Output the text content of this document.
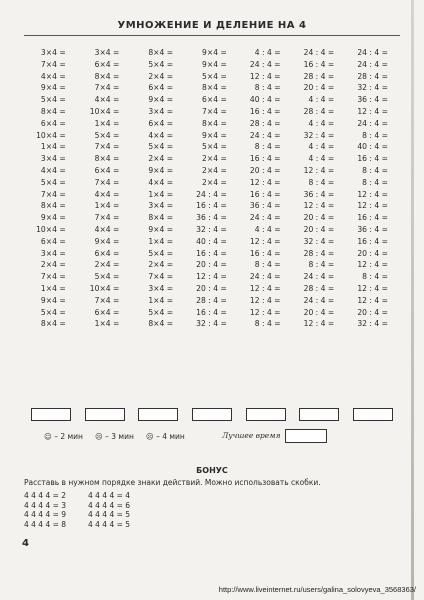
УМНОЖЕНИЕ И ДЕЛЕНИЕ НА 4
3×4 =
7×4 =
4×4 =
9×4 =
5×4 =
8×4 =
6×4 =
10×4 =
1×4 =
3×4 =
4×4 =
5×4 =
7×4 =
8×4 =
9×4 =
10×4 =
6×4 =
3×4 =
2×4 =
7×4 =
1×4 =
9×4 =
5×4 =
8×4 =
3×4 =
6×4 =
8×4 =
7×4 =
4×4 =
10×4 =
1×4 =
5×4 =
7×4 =
8×4 =
6×4 =
7×4 =
4×4 =
1×4 =
7×4 =
4×4 =
9×4 =
6×4 =
2×4 =
5×4 =
10×4 =
7×4 =
6×4 =
1×4 =
8×4 =
5×4 =
2×4 =
6×4 =
9×4 =
3×4 =
6×4 =
4×4 =
5×4 =
2×4 =
9×4 =
4×4 =
1×4 =
3×4 =
8×4 =
9×4 =
1×4 =
5×4 =
2×4 =
7×4 =
3×4 =
1×4 =
5×4 =
8×4 =
9×4 =
9×4 =
5×4 =
8×4 =
6×4 =
7×4 =
8×4 =
9×4 =
5×4 =
2×4 =
2×4 =
2×4 =
24 : 4 =
16 : 4 =
36 : 4 =
32 : 4 =
40 : 4 =
16 : 4 =
20 : 4 =
12 : 4 =
20 : 4 =
28 : 4 =
16 : 4 =
32 : 4 =
4 : 4 =
24 : 4 =
12 : 4 =
8 : 4 =
40 : 4 =
16 : 4 =
28 : 4 =
24 : 4 =
8 : 4 =
16 : 4 =
20 : 4 =
12 : 4 =
16 : 4 =
36 : 4 =
24 : 4 =
4 : 4 =
12 : 4 =
16 : 4 =
8 : 4 =
24 : 4 =
12 : 4 =
12 : 4 =
12 : 4 =
8 : 4 =
24 : 4 =
16 : 4 =
28 : 4 =
20 : 4 =
4 : 4 =
28 : 4 =
4 : 4 =
32 : 4 =
4 : 4 =
4 : 4 =
12 : 4 =
8 : 4 =
36 : 4 =
12 : 4 =
20 : 4 =
20 : 4 =
32 : 4 =
28 : 4 =
8 : 4 =
24 : 4 =
28 : 4 =
24 : 4 =
20 : 4 =
12 : 4 =
24 : 4 =
24 : 4 =
28 : 4 =
32 : 4 =
36 : 4 =
12 : 4 =
24 : 4 =
8 : 4 =
40 : 4 =
16 : 4 =
8 : 4 =
8 : 4 =
12 : 4 =
12 : 4 =
16 : 4 =
36 : 4 =
16 : 4 =
20 : 4 =
12 : 4 =
8 : 4 =
12 : 4 =
12 : 4 =
20 : 4 =
32 : 4 =
☺ – 2 мин ☹ – 3 мин ☹ – 4 мин	Лучшее время
БОНУС
Расставь в нужном порядке знаки действий. Можно использовать скобки.
4 4 4 4 = 2
4 4 4 4 = 3
4 4 4 4 = 9
4 4 4 4 = 8
4 4 4 4 = 4
4 4 4 4 = 6
4 4 4 4 = 5
4 4 4 4 = 5
4
http://www.liveinternet.ru/users/galina_solovyeva_3568363/
